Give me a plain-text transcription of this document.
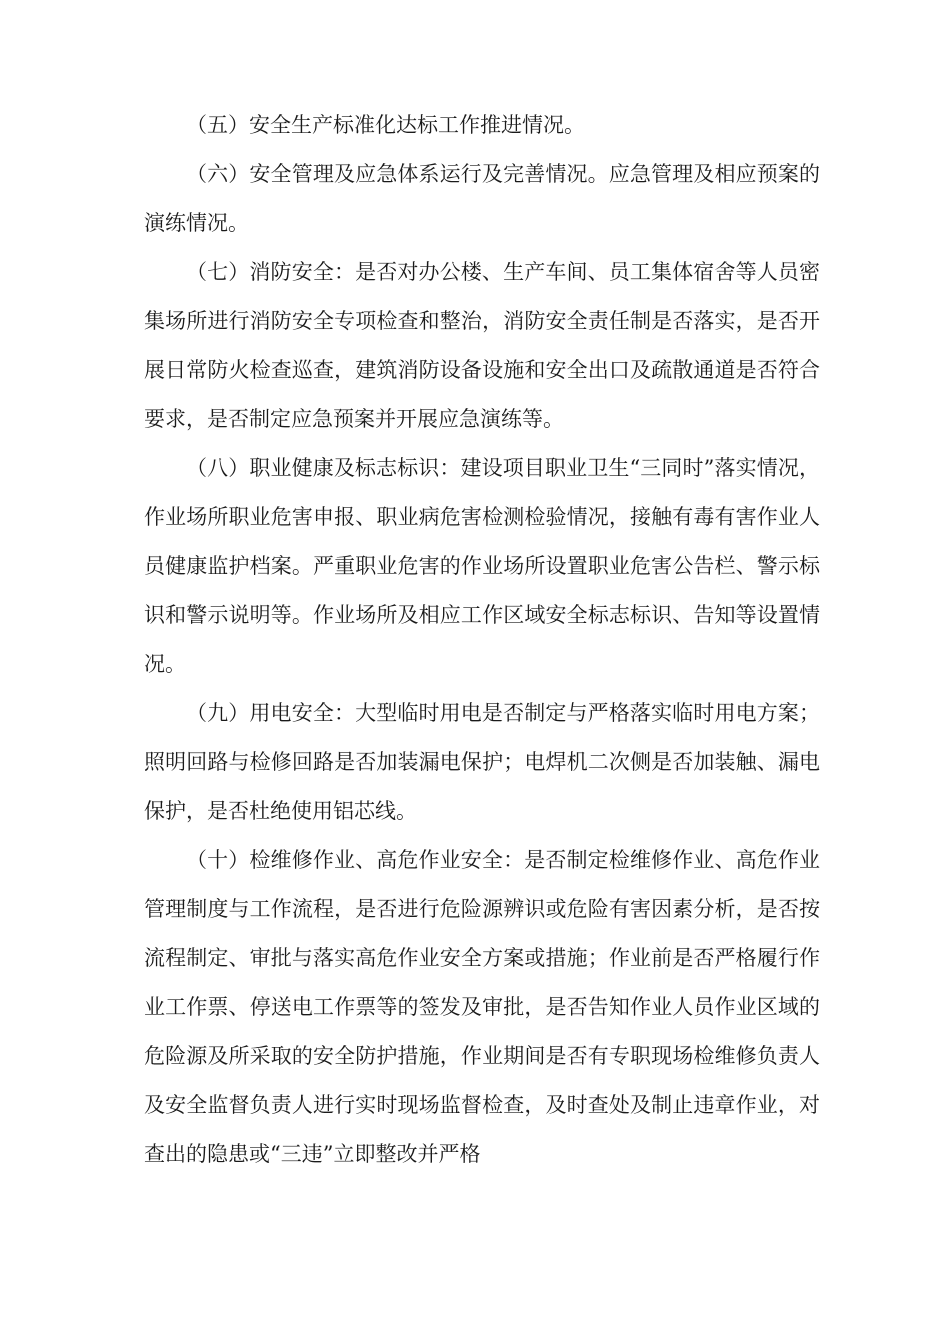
（五）安全生产标准化达标工作推进情况。

（六）安全管理及应急体系运行及完善情况。应急管理及相应预案的演练情况。

（七）消防安全：是否对办公楼、生产车间、员工集体宿舍等人员密集场所进行消防安全专项检查和整治，消防安全责任制是否落实，是否开展日常防火检查巡查，建筑消防设备设施和安全出口及疏散通道是否符合要求，是否制定应急预案并开展应急演练等。

（八）职业健康及标志标识：建设项目职业卫生“三同时”落实情况，作业场所职业危害申报、职业病危害检测检验情况，接触有毒有害作业人员健康监护档案。严重职业危害的作业场所设置职业危害公告栏、警示标识和警示说明等。作业场所及相应工作区域安全标志标识、告知等设置情况。

（九）用电安全：大型临时用电是否制定与严格落实临时用电方案；照明回路与检修回路是否加装漏电保护；电焊机二次侧是否加装触、漏电保护，是否杜绝使用铝芯线。

（十）检维修作业、高危作业安全：是否制定检维修作业、高危作业管理制度与工作流程，是否进行危险源辨识或危险有害因素分析，是否按流程制定、审批与落实高危作业安全方案或措施；作业前是否严格履行作业工作票、停送电工作票等的签发及审批，是否告知作业人员作业区域的危险源及所采取的安全防护措施，作业期间是否有专职现场检维修负责人及安全监督负责人进行实时现场监督检查，及时查处及制止违章作业，对查出的隐患或“三违”立即整改并严格
